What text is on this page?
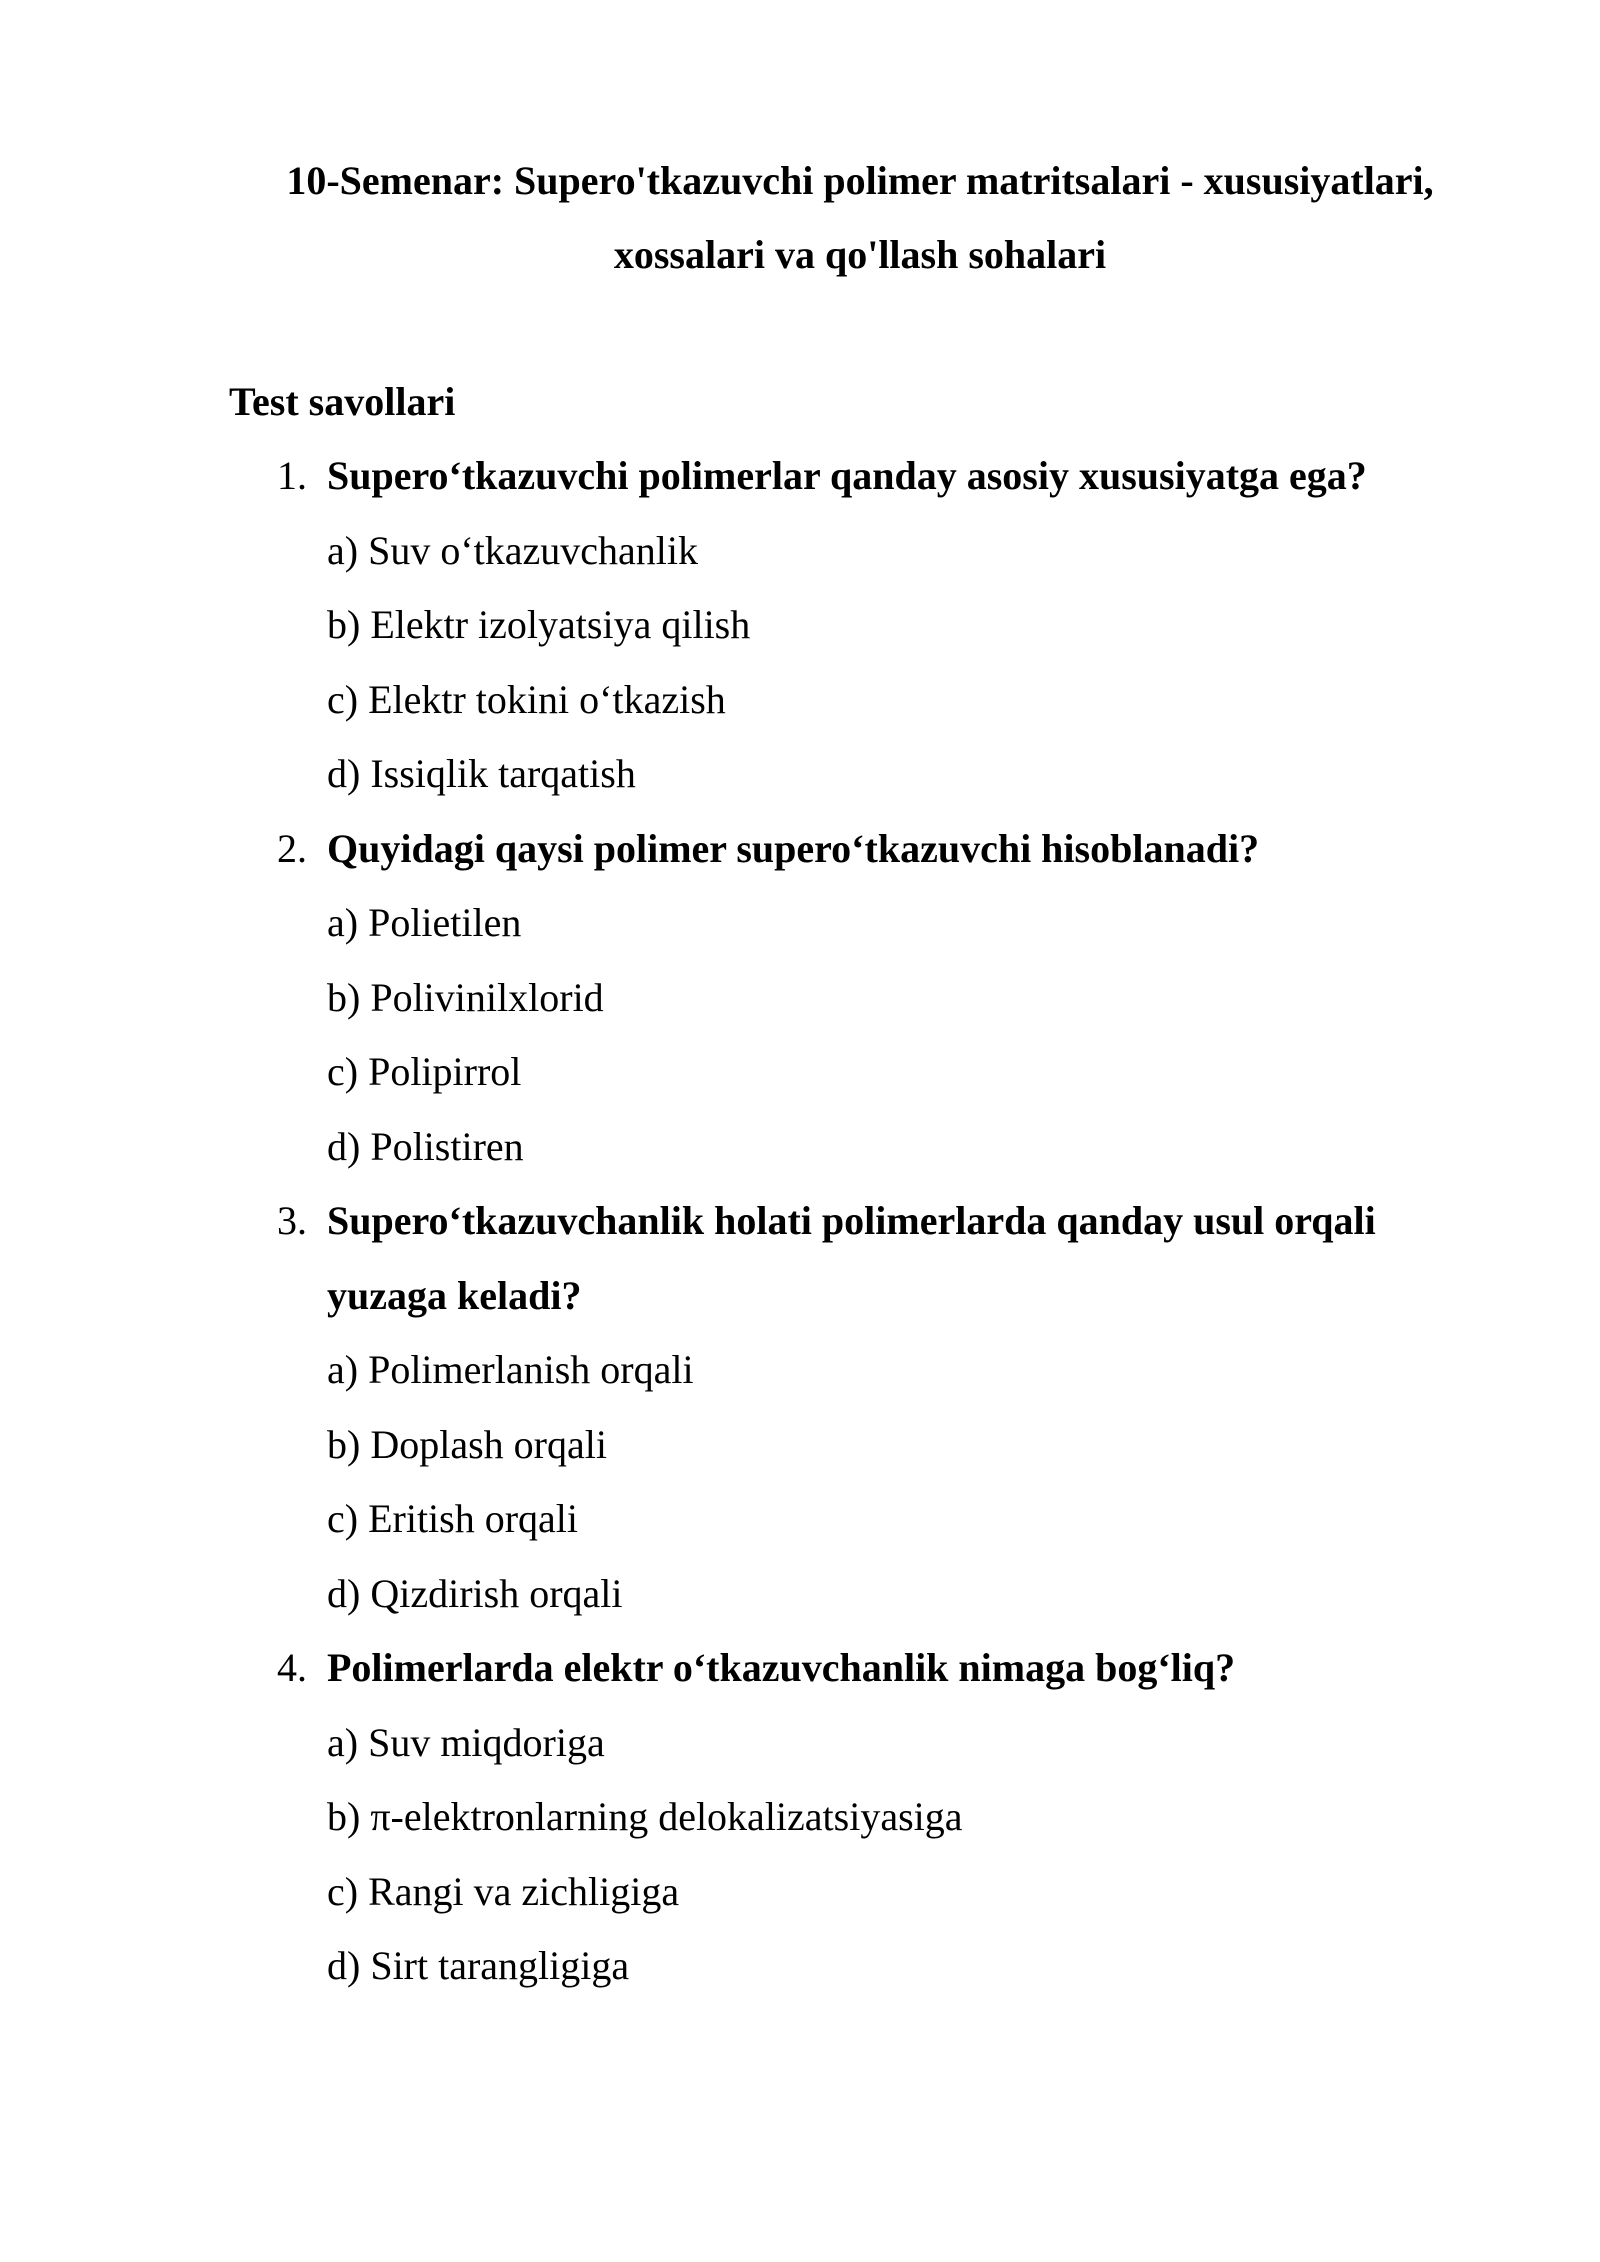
10-Semenar: Supero'tkazuvchi polimer matritsalari - xususiyatlari,
xossalari va qo'llash sohalari
Test savollari
1. Supero‘tkazuvchi polimerlar qanday asosiy xususiyatga ega?
a) Suv o‘tkazuvchanlik
b) Elektr izolyatsiya qilish
c) Elektr tokini o‘tkazish
d) Issiqlik tarqatish
2. Quyidagi qaysi polimer supero‘tkazuvchi hisoblanadi?
a) Polietilen
b) Polivinilxlorid
c) Polipirrol
d) Polistiren
3. Supero‘tkazuvchanlik holati polimerlarda qanday usul orqali
yuzaga keladi?
a) Polimerlanish orqali
b) Doplash orqali
c) Eritish orqali
d) Qizdirish orqali
4. Polimerlarda elektr o‘tkazuvchanlik nimaga bog‘liq?
a) Suv miqdoriga
b) π-elektronlarning delokalizatsiyasiga
c) Rangi va zichligiga
d) Sirt tarangligiga
